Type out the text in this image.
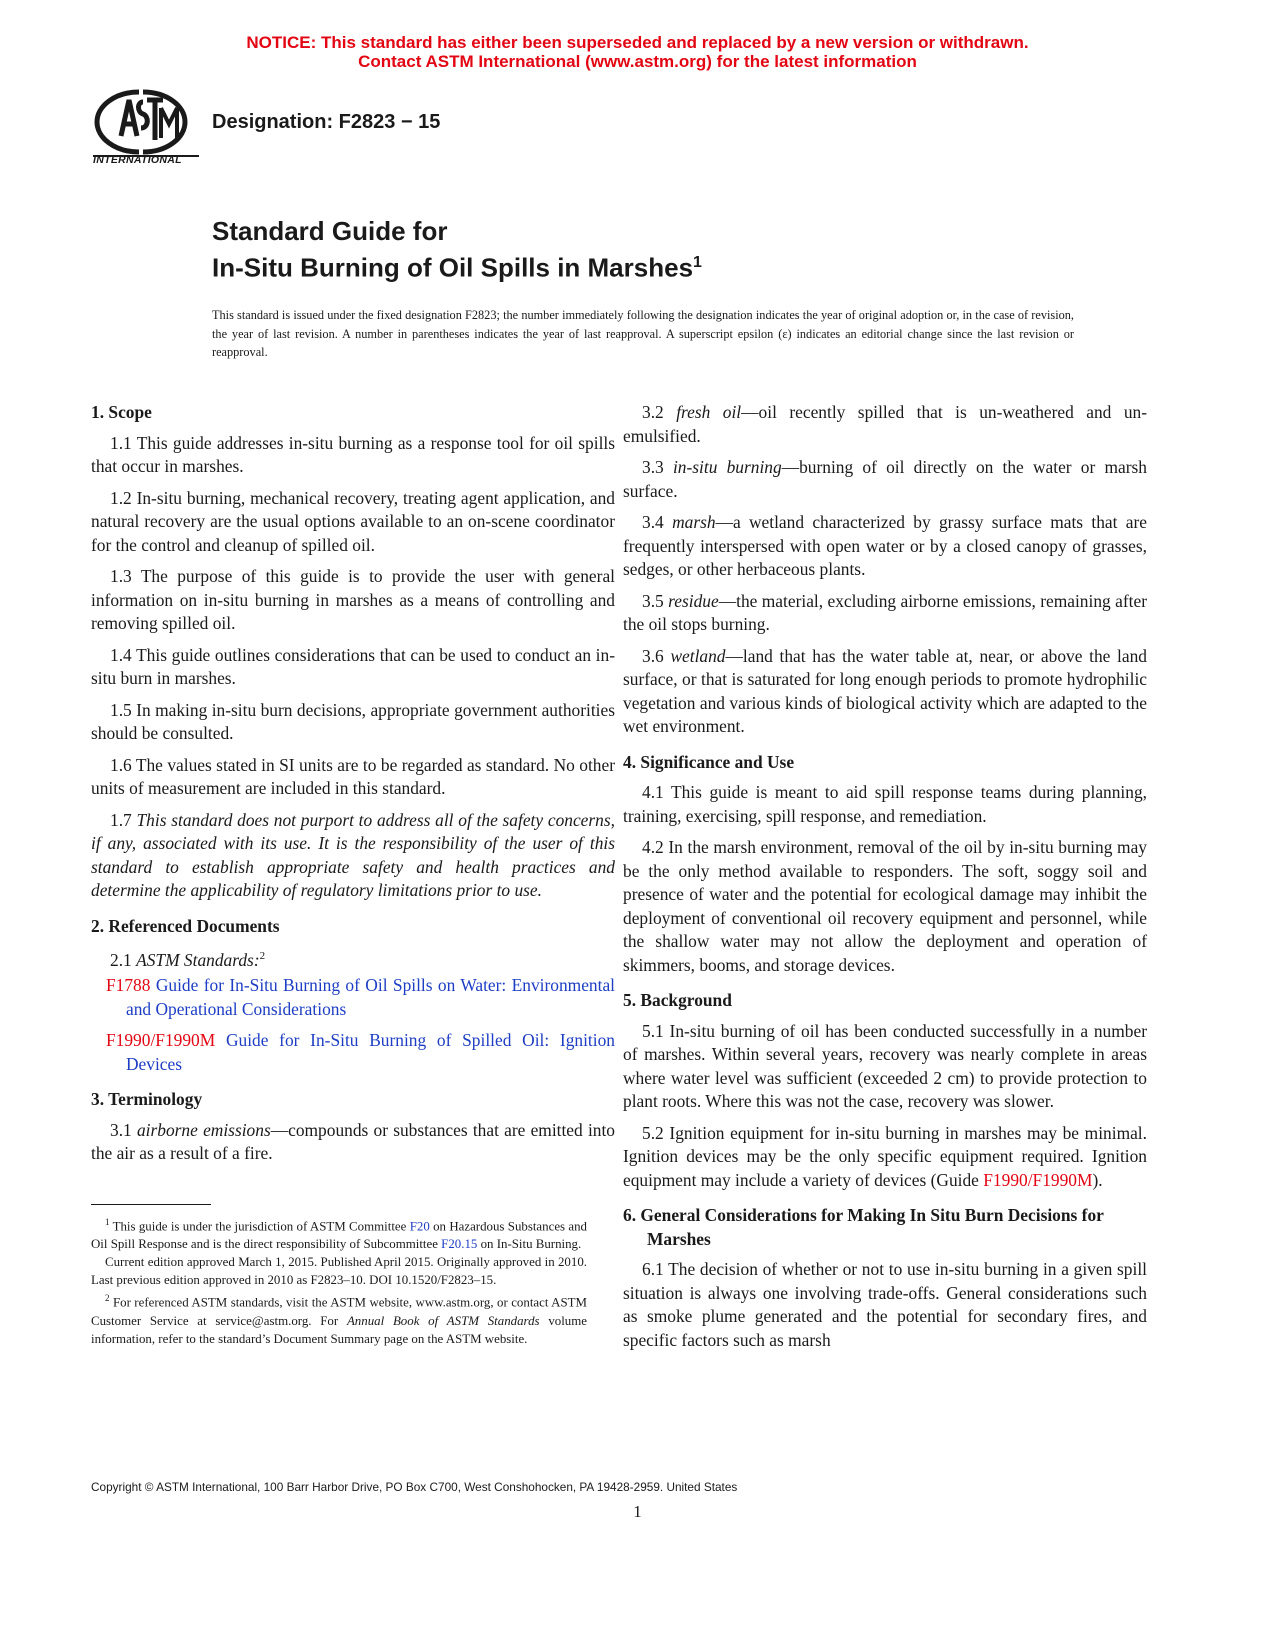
NOTICE: This standard has either been superseded and replaced by a new version or withdrawn.
Contact ASTM International (www.astm.org) for the latest information
INTERNATIONAL
Designation: F2823 − 15
Standard Guide for
In-Situ Burning of Oil Spills in Marshes$^1$
This standard is issued under the fixed designation F2823; the number immediately following the designation indicates the year of original adoption or, in the case of revision, the year of last revision. A number in parentheses indicates the year of last reapproval. A superscript epsilon (ε) indicates an editorial change since the last revision or reapproval.
1. Scope

1.1 This guide addresses in-situ burning as a response tool for oil spills that occur in marshes.

1.2 In-situ burning, mechanical recovery, treating agent application, and natural recovery are the usual options available to an on-scene coordinator for the control and cleanup of spilled oil.

1.3 The purpose of this guide is to provide the user with general information on in-situ burning in marshes as a means of controlling and removing spilled oil.

1.4 This guide outlines considerations that can be used to conduct an in-situ burn in marshes.

1.5 In making in-situ burn decisions, appropriate government authorities should be consulted.

1.6 The values stated in SI units are to be regarded as standard. No other units of measurement are included in this standard.

1.7 This standard does not purport to address all of the safety concerns, if any, associated with its use. It is the responsibility of the user of this standard to establish appropriate safety and health practices and determine the applicability of regulatory limitations prior to use.

2. Referenced Documents

2.1 ASTM Standards:$^2$

F1788 Guide for In-Situ Burning of Oil Spills on Water: Environmental and Operational Considerations

F1990/F1990M Guide for In-Situ Burning of Spilled Oil: Ignition Devices

3. Terminology

3.1 airborne emissions—compounds or substances that are emitted into the air as a result of a fire.

3.2 fresh oil—oil recently spilled that is un-weathered and un-emulsified.

3.3 in-situ burning—burning of oil directly on the water or marsh surface.

3.4 marsh—a wetland characterized by grassy surface mats that are frequently interspersed with open water or by a closed canopy of grasses, sedges, or other herbaceous plants.

3.5 residue—the material, excluding airborne emissions, remaining after the oil stops burning.

3.6 wetland—land that has the water table at, near, or above the land surface, or that is saturated for long enough periods to promote hydrophilic vegetation and various kinds of biological activity which are adapted to the wet environment.

4. Significance and Use

4.1 This guide is meant to aid spill response teams during planning, training, exercising, spill response, and remediation.

4.2 In the marsh environment, removal of the oil by in-situ burning may be the only method available to responders. The soft, soggy soil and presence of water and the potential for ecological damage may inhibit the deployment of conventional oil recovery equipment and personnel, while the shallow water may not allow the deployment and operation of skimmers, booms, and storage devices.

5. Background

5.1 In-situ burning of oil has been conducted successfully in a number of marshes. Within several years, recovery was nearly complete in areas where water level was sufficient (exceeded 2 cm) to provide protection to plant roots. Where this was not the case, recovery was slower.

5.2 Ignition equipment for in-situ burning in marshes may be minimal. Ignition devices may be the only specific equipment required. Ignition equipment may include a variety of devices (Guide F1990/F1990M).

6. General Considerations for Making In Situ Burn Decisions for Marshes

6.1 The decision of whether or not to use in-situ burning in a given spill situation is always one involving trade-offs. General considerations such as smoke plume generated and the potential for secondary fires, and specific factors such as marsh

$^1$ This guide is under the jurisdiction of ASTM Committee F20 on Hazardous Substances and Oil Spill Response and is the direct responsibility of Subcommittee F20.15 on In-Situ Burning.

Current edition approved March 1, 2015. Published April 2015. Originally approved in 2010. Last previous edition approved in 2010 as F2823–10. DOI 10.1520/F2823–15.

$^2$ For referenced ASTM standards, visit the ASTM website, www.astm.org, or contact ASTM Customer Service at service@astm.org. For Annual Book of ASTM Standards volume information, refer to the standard’s Document Summary page on the ASTM website.

Copyright © ASTM International, 100 Barr Harbor Drive, PO Box C700, West Conshohocken, PA 19428-2959. United States
1
